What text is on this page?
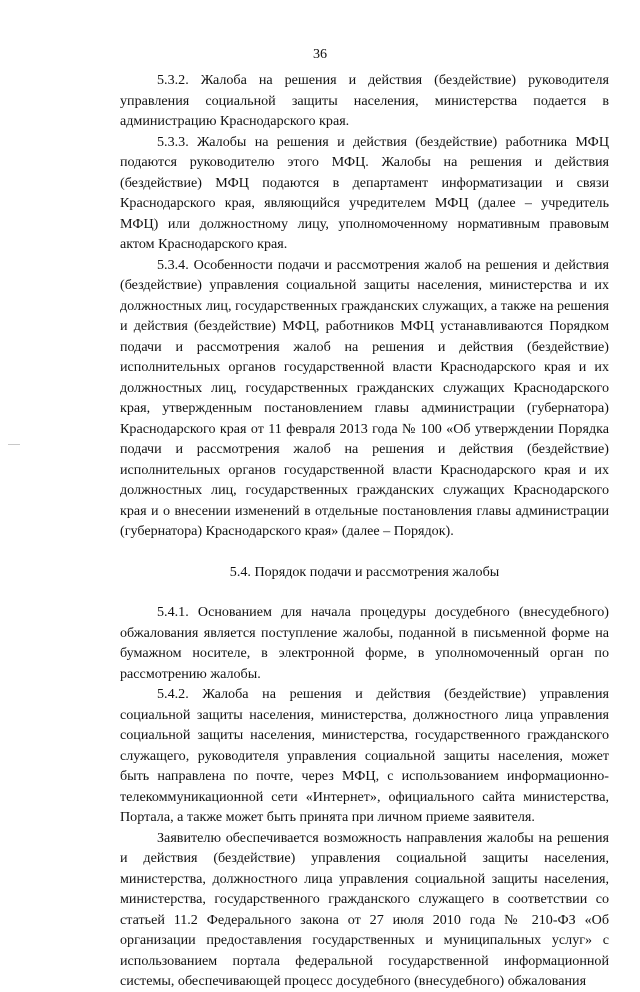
36

5.3.2. Жалоба на решения и действия (бездействие) руководителя управления социальной защиты населения, министерства подается в администрацию Краснодарского края.

5.3.3. Жалобы на решения и действия (бездействие) работника МФЦ подаются руководителю этого МФЦ. Жалобы на решения и действия (бездействие) МФЦ подаются в департамент информатизации и связи Краснодарского края, являющийся учредителем МФЦ (далее – учредитель МФЦ) или должностному лицу, уполномоченному нормативным правовым актом Краснодарского края.

5.3.4. Особенности подачи и рассмотрения жалоб на решения и действия (бездействие) управления социальной защиты населения, министерства и их должностных лиц, государственных гражданских служащих, а также на решения и действия (бездействие) МФЦ, работников МФЦ устанавливаются Порядком подачи и рассмотрения жалоб на решения и действия (бездействие) исполнительных органов государственной власти Краснодарского края и их должностных лиц, государственных гражданских служащих Краснодарского края, утвержденным постановлением главы администрации (губернатора) Краснодарского края от 11 февраля 2013 года № 100 «Об утверждении Порядка подачи и рассмотрения жалоб на решения и действия (бездействие) исполнительных органов государственной власти Краснодарского края и их должностных лиц, государственных гражданских служащих Краснодарского края и о внесении изменений в отдельные постановления главы администрации (губернатора) Краснодарского края» (далее – Порядок).

5.4. Порядок подачи и рассмотрения жалобы

5.4.1. Основанием для начала процедуры досудебного (внесудебного) обжалования является поступление жалобы, поданной в письменной форме на бумажном носителе, в электронной форме, в уполномоченный орган по рассмотрению жалобы.

5.4.2. Жалоба на решения и действия (бездействие) управления социальной защиты населения, министерства, должностного лица управления социальной защиты населения, министерства, государственного гражданского служащего, руководителя управления социальной защиты населения, может быть направлена по почте, через МФЦ, с использованием информационно-телекоммуникационной сети «Интернет», официального сайта министерства, Портала, а также может быть принята при личном приеме заявителя.

Заявителю обеспечивается возможность направления жалобы на решения и действия (бездействие) управления социальной защиты населения, министерства, должностного лица управления социальной защиты населения, министерства, государственного гражданского служащего в соответствии со статьей 11.2 Федерального закона от 27 июля 2010 года № 210-ФЗ «Об организации предоставления государственных и муниципальных услуг» с использованием портала федеральной государственной информационной системы, обеспечивающей процесс досудебного (внесудебного) обжалования
